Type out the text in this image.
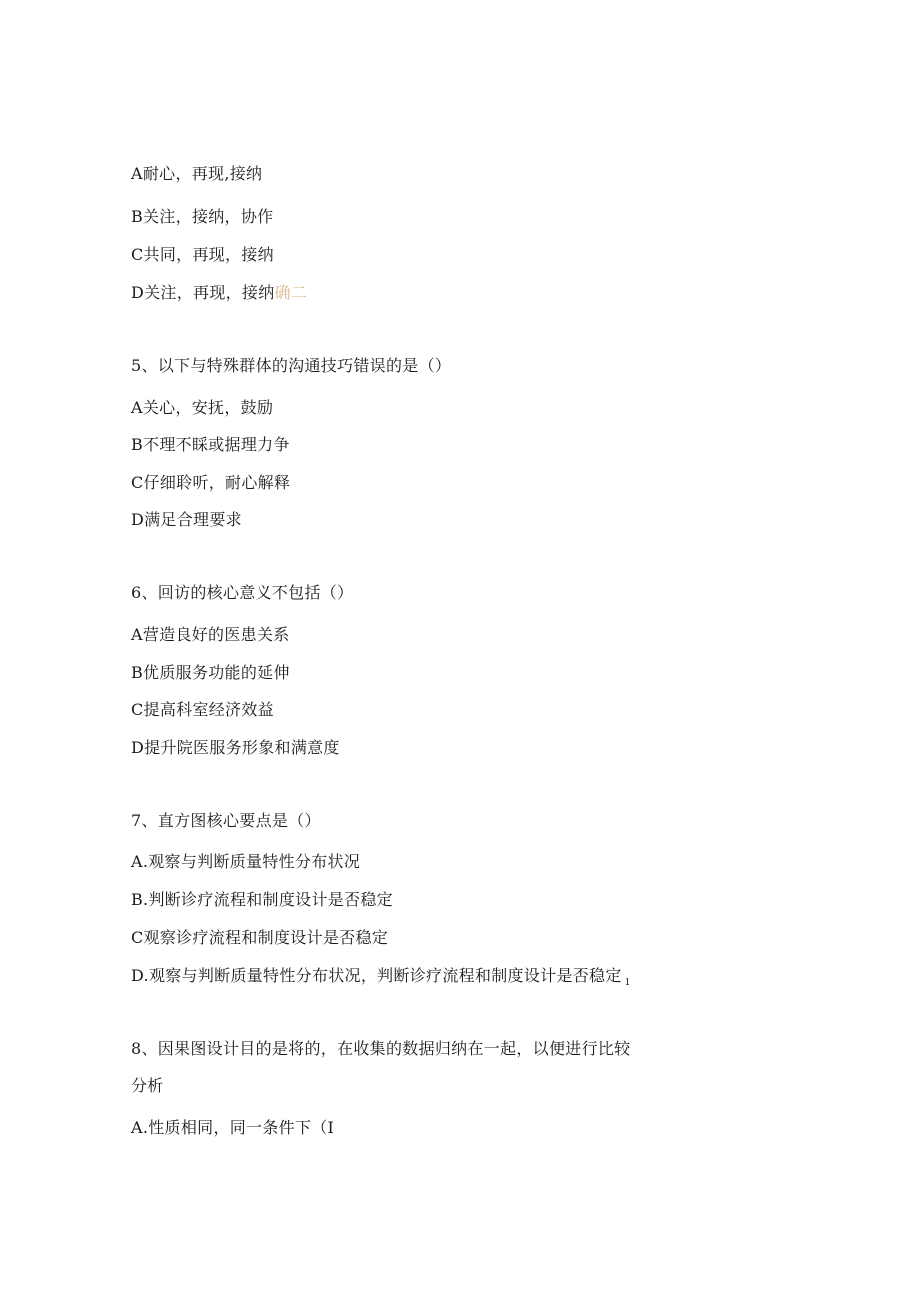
A耐心，再现,接纳
B关注，接纳，协作
C共同，再现，接纳
D关注，再现，接纳确二
5、以下与特殊群体的沟通技巧错误的是（）
A关心，安抚，鼓励
B不理不睬或据理力争
C仔细聆听，耐心解释
D满足合理要求
6、回访的核心意义不包括（）
A营造良好的医患关系
B优质服务功能的延伸
C提高科室经济效益
D提升院医服务形象和满意度
7、直方图核心要点是（）
A.观察与判断质量特性分布状况
B.判断诊疗流程和制度设计是否稳定
C观察诊疗流程和制度设计是否稳定
D.观察与判断质量特性分布状况，判断诊疗流程和制度设计是否稳定 $_1$
8、因果图设计目的是将的，在收集的数据归纳在一起，以便进行比较
分析
A.性质相同，同一条件下（I
